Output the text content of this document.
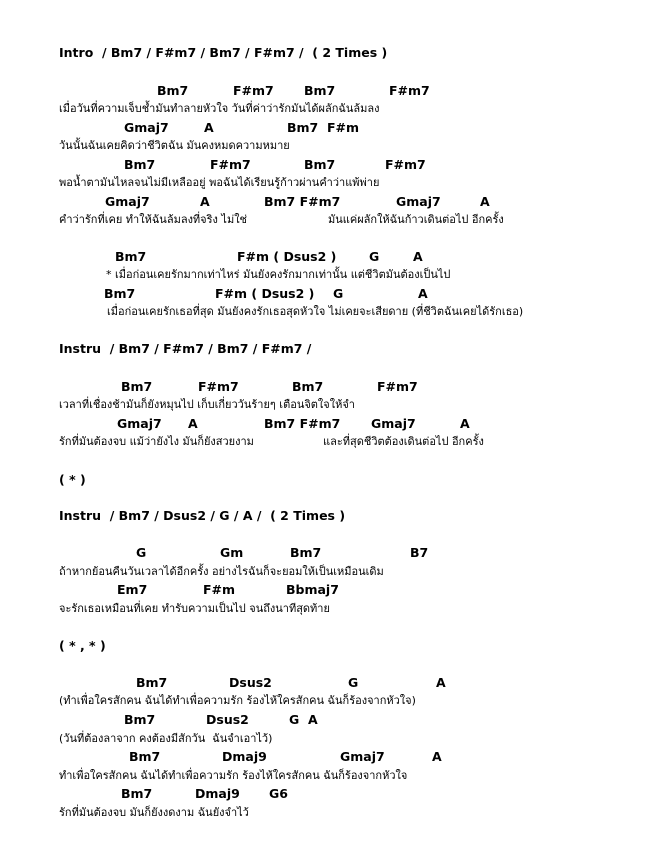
Intro  / Bm7 / F#m7 / Bm7 / F#m7 /  ( 2 Times )
Bm7	F#m7 Bm7	F#m7
เมื่อวันที่ความเจ็บช้ำมันทำลายหัวใจ วันที่ค่าว่ารักมันได้ผลักฉันล้มลง
Gmaj7	A	Bm7  F#m
วันนั้นฉันเคยคิดว่าชีวิตฉัน มันคงหมดความหมาย
Bm7	F#m7	Bm7	F#m7
พอน้ำตามันไหลจนไม่มีเหลืออยู่ พอฉันได้เรียนรู้ก้าวผ่านคำว่าแพ้พ่าย
Gmaj7	A	Bm7 F#m7	Gmaj7	A
คำว่ารักที่เคย ทำให้ฉันล้มลงที่จริง ไม่ใช่	มันแค่ผลักให้ฉันก้าวเดินต่อไป อีกครั้ง
Bm7	F#m ( Dsus2 )	G	A
* เมื่อก่อนเคยรักมากเท่าไหร่ มันยังคงรักมากเท่านั้น แต่ชีวิตมันต้องเป็นไป
Bm7	F#m ( Dsus2 ) G	A
เมื่อก่อนเคยรักเธอที่สุด มันยังคงรักเธอสุดหัวใจ ไม่เคยจะเสียดาย (ที่ชีวิตฉันเคยได้รักเธอ)
Instru  / Bm7 / F#m7 / Bm7 / F#m7 /
Bm7	F#m7	Bm7	F#m7
เวลาที่เชื่องช้ามันก็ยังหมุนไป เก็บเกี่ยววันร้ายๆ เตือนจิตใจให้จำ
Gmaj7 A	Bm7 F#m7 Gmaj7	A
รักที่มันต้องจบ แม้ว่ายังไง มันก็ยังสวยงาม	และที่สุดชีวิตต้องเดินต่อไป อีกครั้ง
( * )
Instru  / Bm7 / Dsus2 / G / A /  ( 2 Times )
G	Gm	Bm7	B7
ถ้าหากย้อนคืนวันเวลาได้อีกครั้ง อย่างไรฉันก็จะยอมให้เป็นเหมือนเดิม
Em7	F#m	Bbmaj7
จะรักเธอเหมือนที่เคย ทำรับความเป็นไป จนถึงนาทีสุดท้าย
( * , * )
Bm7	Dsus2	G	A
(ทำเพื่อใครสักคน ฉันได้ทำเพื่อความรัก ร้องไห้ใครสักคน ฉันก็ร้องจากหัวใจ)
Bm7	Dsus2	G  A
(วันที่ต้องลาจาก คงต้องมีสักวัน  ฉันจำเอาไว้)
Bm7	Dmaj9	Gmaj7	A
ทำเพื่อใครสักคน ฉันได้ทำเพื่อความรัก ร้องไห้ใครสักคน ฉันก็ร้องจากหัวใจ
Bm7	Dmaj9 G6
รักที่มันต้องจบ มันก็ยังงดงาม ฉันยังจำไว้
